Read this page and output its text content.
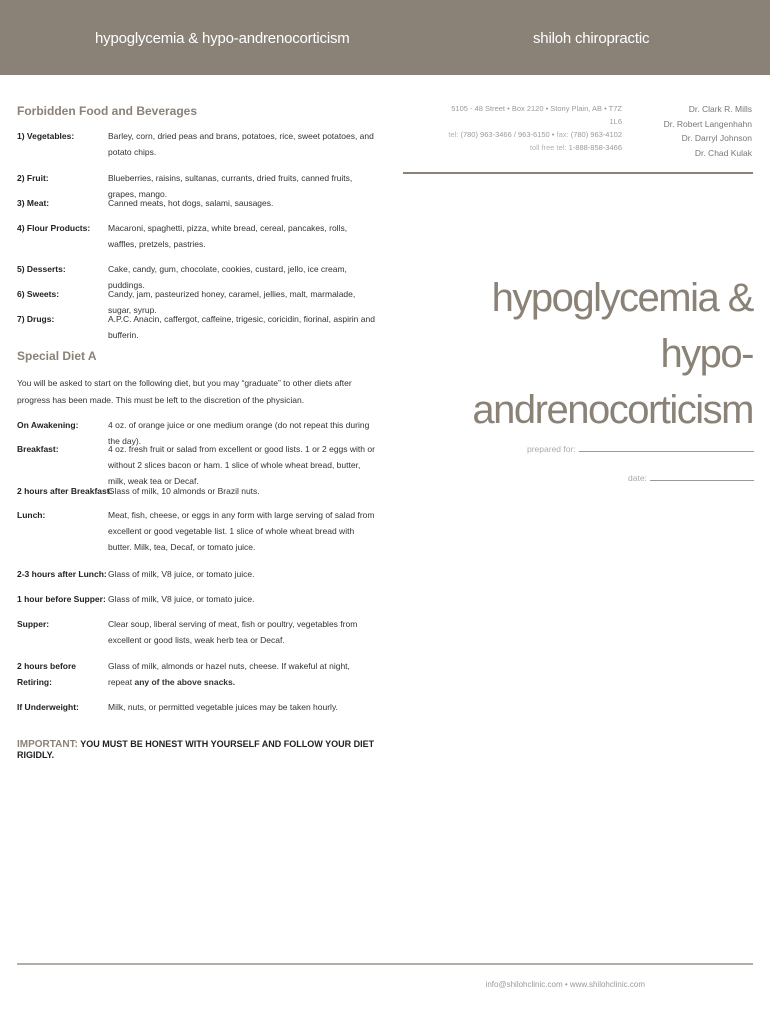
hypoglycemia & hypo-andrenocorticism	shiloh chiropractic
Forbidden Food and Beverages
1) Vegetables:	Barley, corn, dried peas and brans, potatoes, rice, sweet potatoes, and potato chips.
2) Fruit:	Blueberries, raisins, sultanas, currants, dried fruits, canned fruits, grapes, mango.
3) Meat:	Canned meats, hot dogs, salami, sausages.
4) Flour Products:	Macaroni, spaghetti, pizza, white bread, cereal, pancakes, rolls, waffles, pretzels, pastries.
5) Desserts:	Cake, candy, gum, chocolate, cookies, custard, jello, ice cream, puddings.
6) Sweets:	Candy, jam, pasteurized honey, caramel, jellies, malt, marmalade, sugar, syrup.
7) Drugs:	A.P.C. Anacin, caffergot, caffeine, trigesic, coricidin, fiorinal, aspirin and bufferin.
Special Diet A
You will be asked to start on the following diet, but you may “graduate” to other diets after progress has been made. This must be left to the discretion of the physician.
On Awakening:	4 oz. of orange juice or one medium orange (do not repeat this during the day).
Breakfast:	4 oz. fresh fruit or salad from excellent or good lists. 1 or 2 eggs with or without 2 slices bacon or ham. 1 slice of whole wheat bread, butter, milk, weak tea or Decaf.
2 hours after Breakfast:
Glass of milk, 10 almonds or Brazil nuts.
Lunch:	Meat, fish, cheese, or eggs in any form with large serving of salad from excellent or good vegetable list. 1 slice of whole wheat bread with butter. Milk, tea, Decaf, or tomato juice.
2-3 hours after Lunch: Glass of milk, V8 juice, or tomato juice.
1 hour before Supper: Glass of milk, V8 juice, or tomato juice.
Supper:	Clear soup, liberal serving of meat, fish or poultry, vegetables from excellent or good lists, weak herb tea or Decaf.
2 hours before Retiring:
Glass of milk, almonds or hazel nuts, cheese. If wakeful at night, repeat any of the above snacks.
If Underweight:	Milk, nuts, or permitted vegetable juices may be taken hourly.
IMPORTANT: YOU MUST BE HONEST WITH YOURSELF AND FOLLOW YOUR DIET RIGIDLY.
5105 - 48 Street • Box 2120 • Stony Plain, AB • T7Z 1L6
tel: (780) 963-3466 / 963-6150 • fax: (780) 963-4102
toll free tel: 1-888-858-3466
Dr. Clark R. Mills
Dr. Robert Langenhahn
Dr. Darryl Johnson
Dr. Chad Kulak
hypoglycemia &
hypo-andrenocorticism
prepared for:
date:
info@shilohclinic.com • www.shilohclinic.com
